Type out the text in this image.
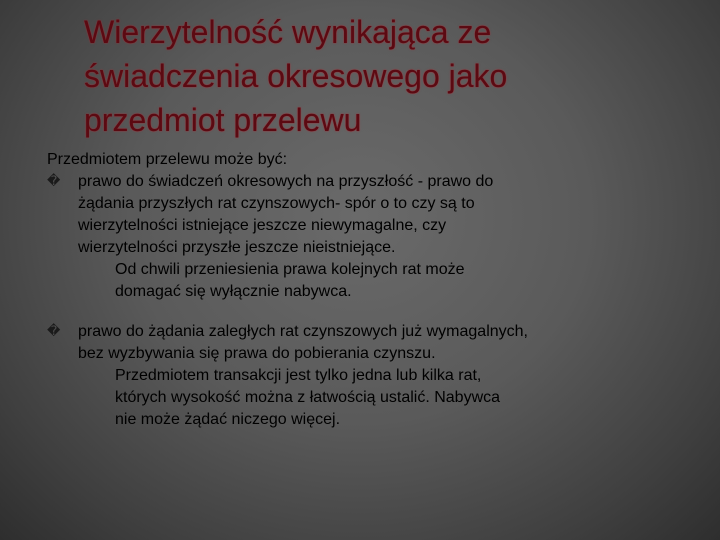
Wierzytelność wynikająca ze
świadczenia okresowego jako
przedmiot przelewu
Przedmiotem przelewu może być:
� prawo do świadczeń okresowych na przyszłość - prawo do
żądania przyszłych rat czynszowych- spór o to czy są to
wierzytelności istniejące jeszcze niewymagalne, czy
wierzytelności przyszłe jeszcze nieistniejące.
Od chwili przeniesienia prawa kolejnych rat może
domagać się wyłącznie nabywca.
� prawo do żądania zaległych rat czynszowych już wymagalnych,
bez wyzbywania się prawa do pobierania czynszu.
Przedmiotem transakcji jest tylko jedna lub kilka rat,
których wysokość można z łatwością ustalić. Nabywca
nie może żądać niczego więcej.
